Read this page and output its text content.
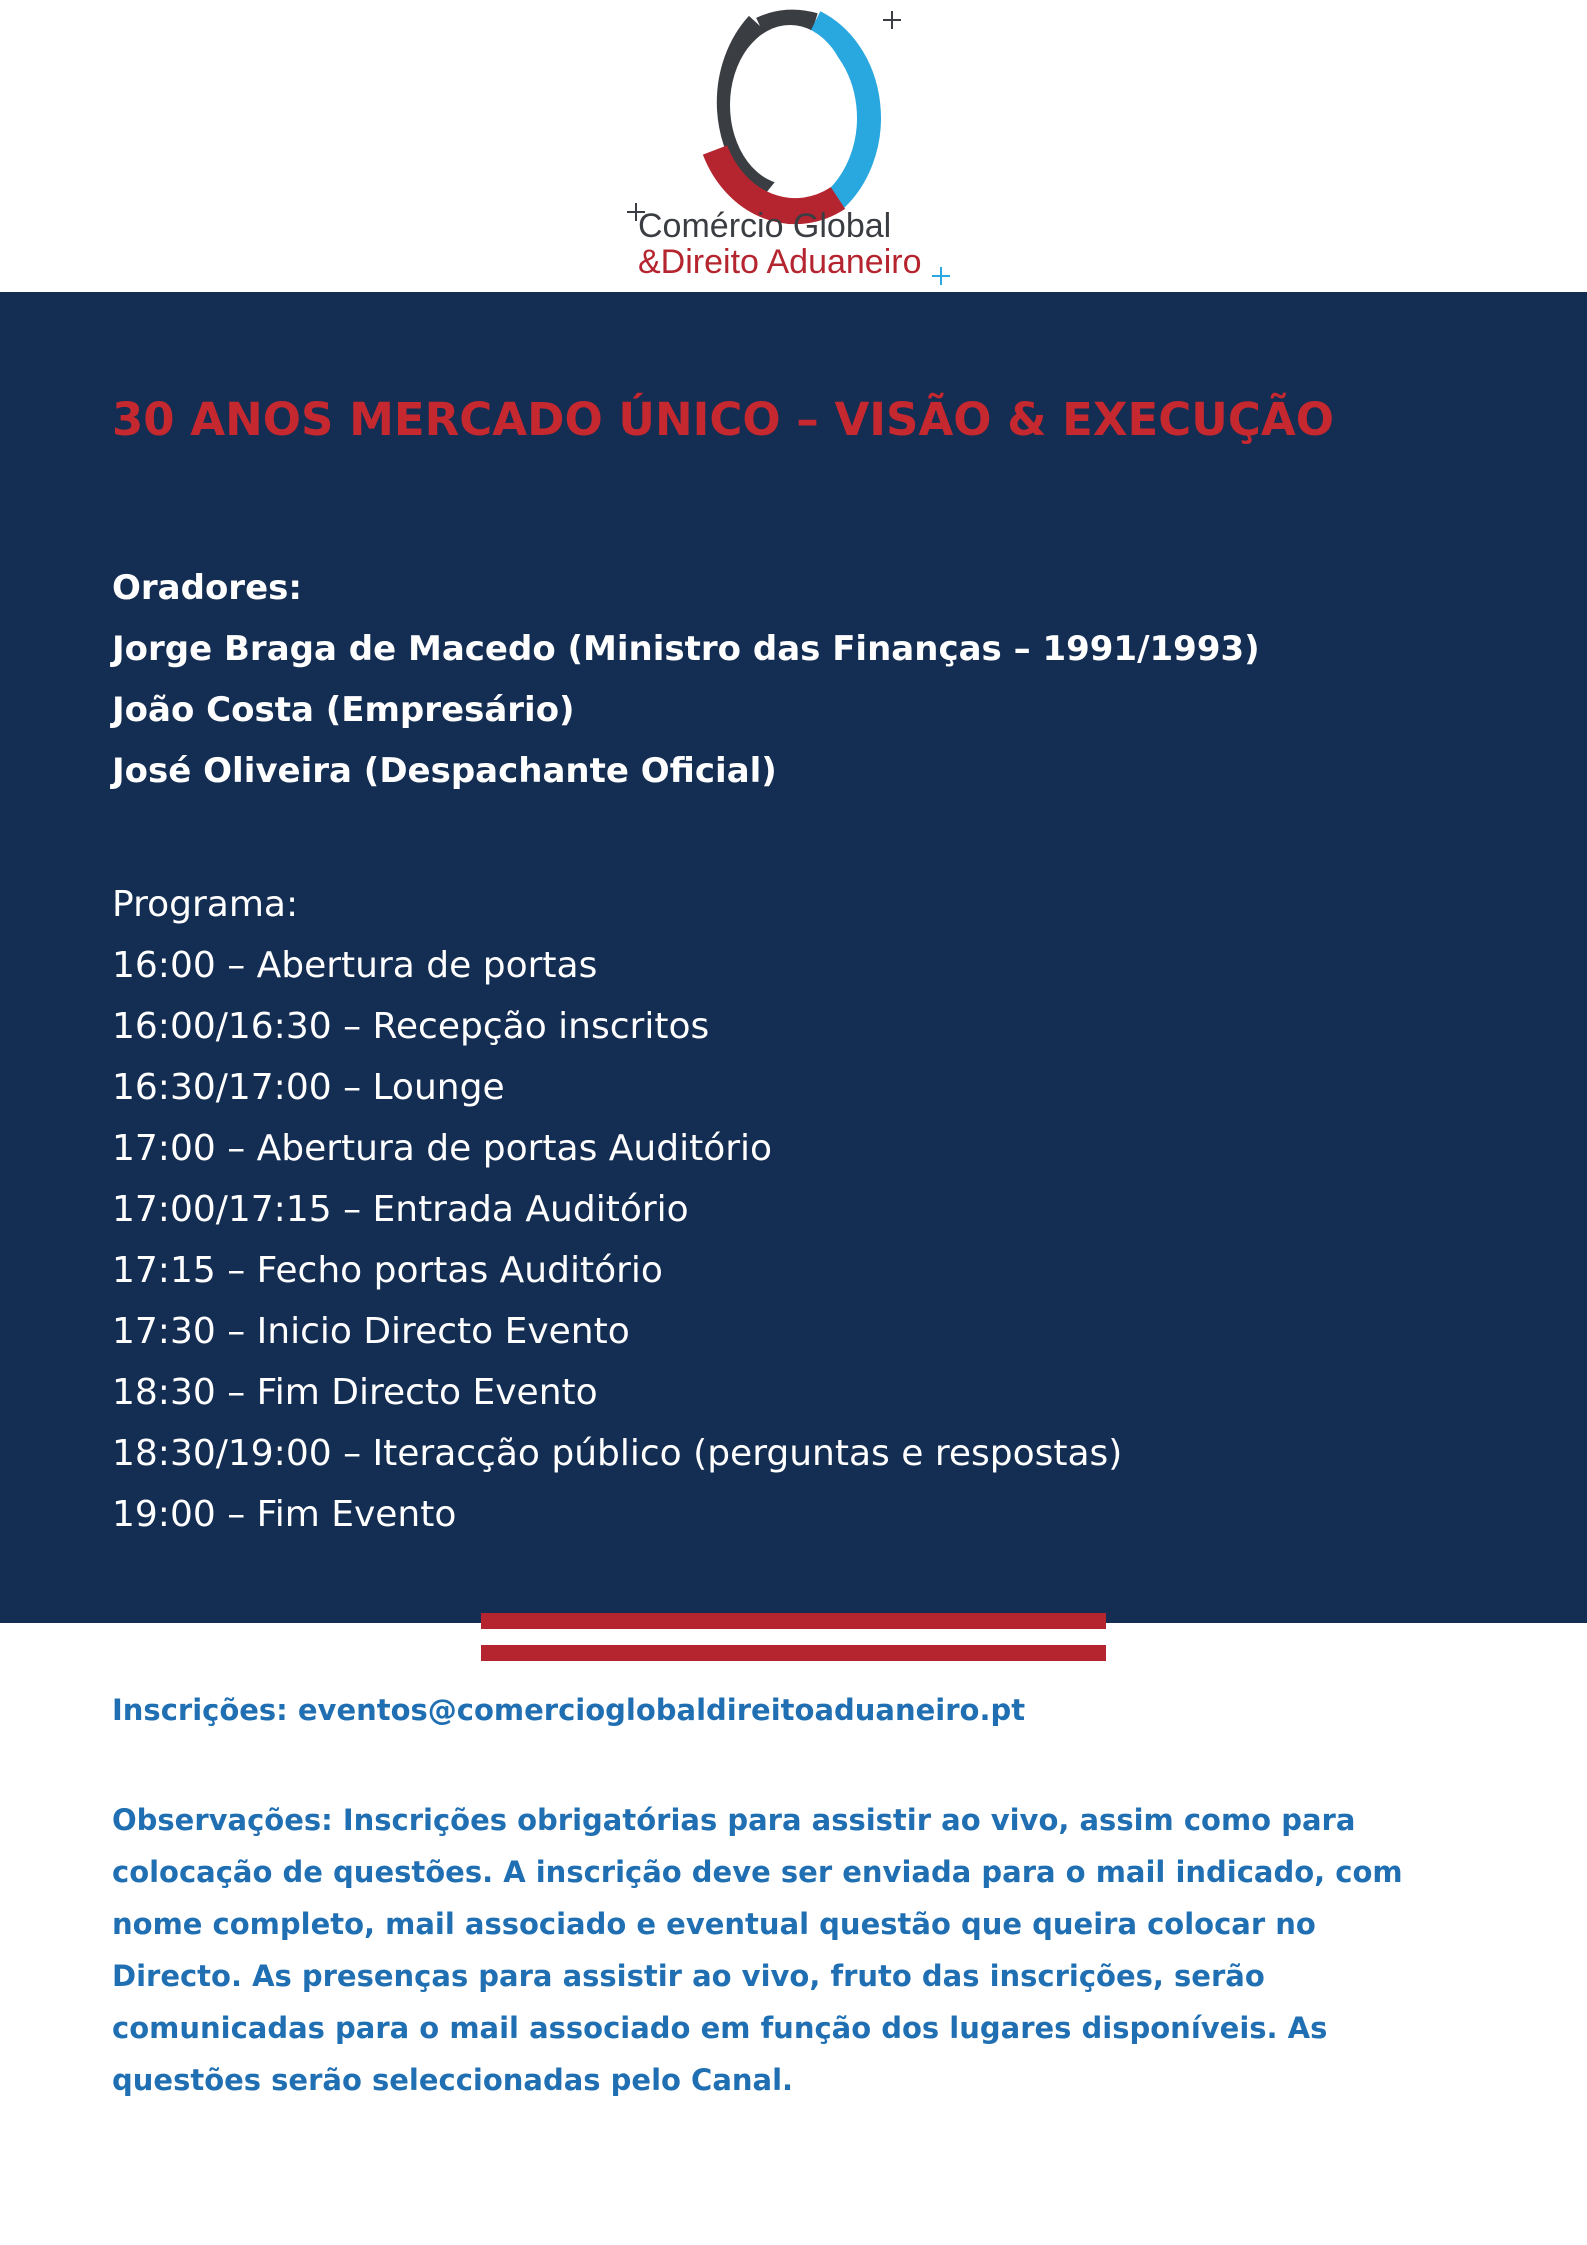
Comércio Global
&Direito Aduaneiro
30 ANOS MERCADO ÚNICO – VISÃO & EXECUÇÃO
Oradores:
Jorge Braga de Macedo (Ministro das Finanças – 1991/1993)
João Costa (Empresário)
José Oliveira (Despachante Oficial)
Programa:
16:00 – Abertura de portas
16:00/16:30 – Recepção inscritos
16:30/17:00 – Lounge
17:00 – Abertura de portas Auditório
17:00/17:15 – Entrada Auditório
17:15 – Fecho portas Auditório
17:30 – Inicio Directo Evento
18:30 – Fim Directo Evento
18:30/19:00 – Iteracção público (perguntas e respostas)
19:00 – Fim Evento
Inscrições: eventos@comercioglobaldireitoaduaneiro.pt
Observações: Inscrições obrigatórias para assistir ao vivo, assim como para
colocação de questões. A inscrição deve ser enviada para o mail indicado, com
nome completo, mail associado e eventual questão que queira colocar no
Directo. As presenças para assistir ao vivo, fruto das inscrições, serão
comunicadas para o mail associado em função dos lugares disponíveis. As
questões serão seleccionadas pelo Canal.
